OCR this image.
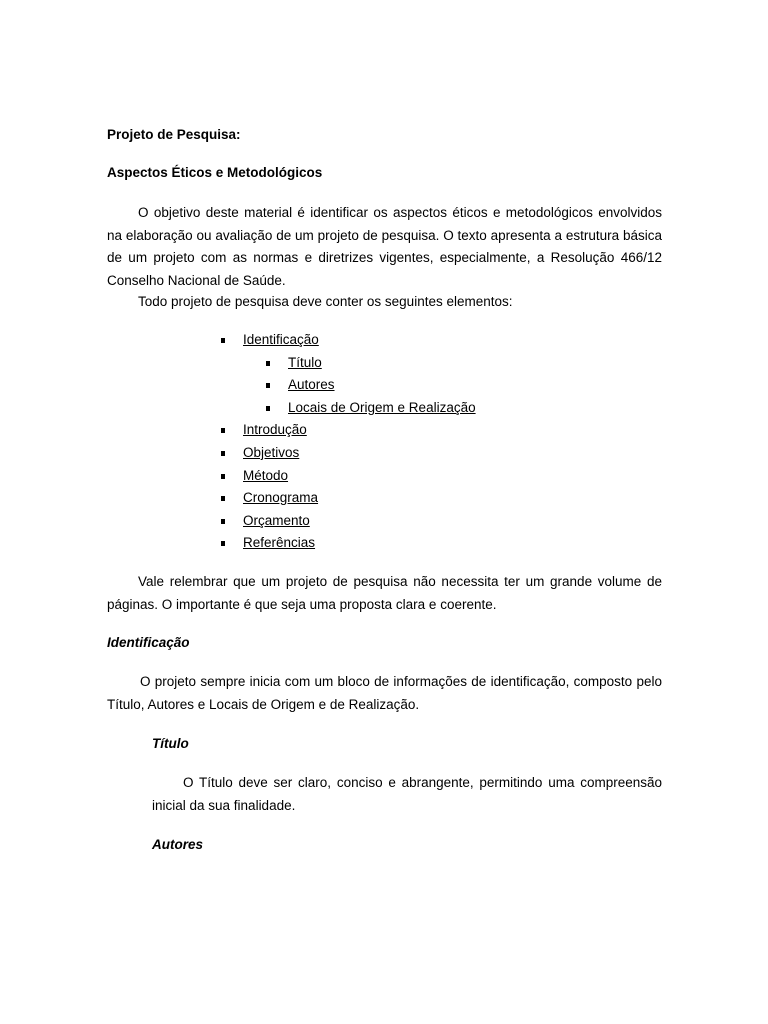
Projeto de Pesquisa:
Aspectos Éticos e Metodológicos
O objetivo deste material é identificar os aspectos éticos e metodológicos envolvidos na elaboração ou avaliação de um projeto de pesquisa. O texto apresenta a estrutura básica de um projeto com as normas e diretrizes vigentes, especialmente, a Resolução 466/12 Conselho Nacional de Saúde.
Todo projeto de pesquisa deve conter os seguintes elementos:
Identificação
Título
Autores
Locais de Origem e Realização
Introdução
Objetivos
Método
Cronograma
Orçamento
Referências
Vale relembrar que um projeto de pesquisa não necessita ter um grande volume de páginas. O importante é que seja uma proposta clara e coerente.
Identificação
O projeto sempre inicia com um bloco de informações de identificação, composto pelo Título, Autores e Locais de Origem e de Realização.
Título
O Título deve ser claro, conciso e abrangente, permitindo uma compreensão inicial da sua finalidade.
Autores
